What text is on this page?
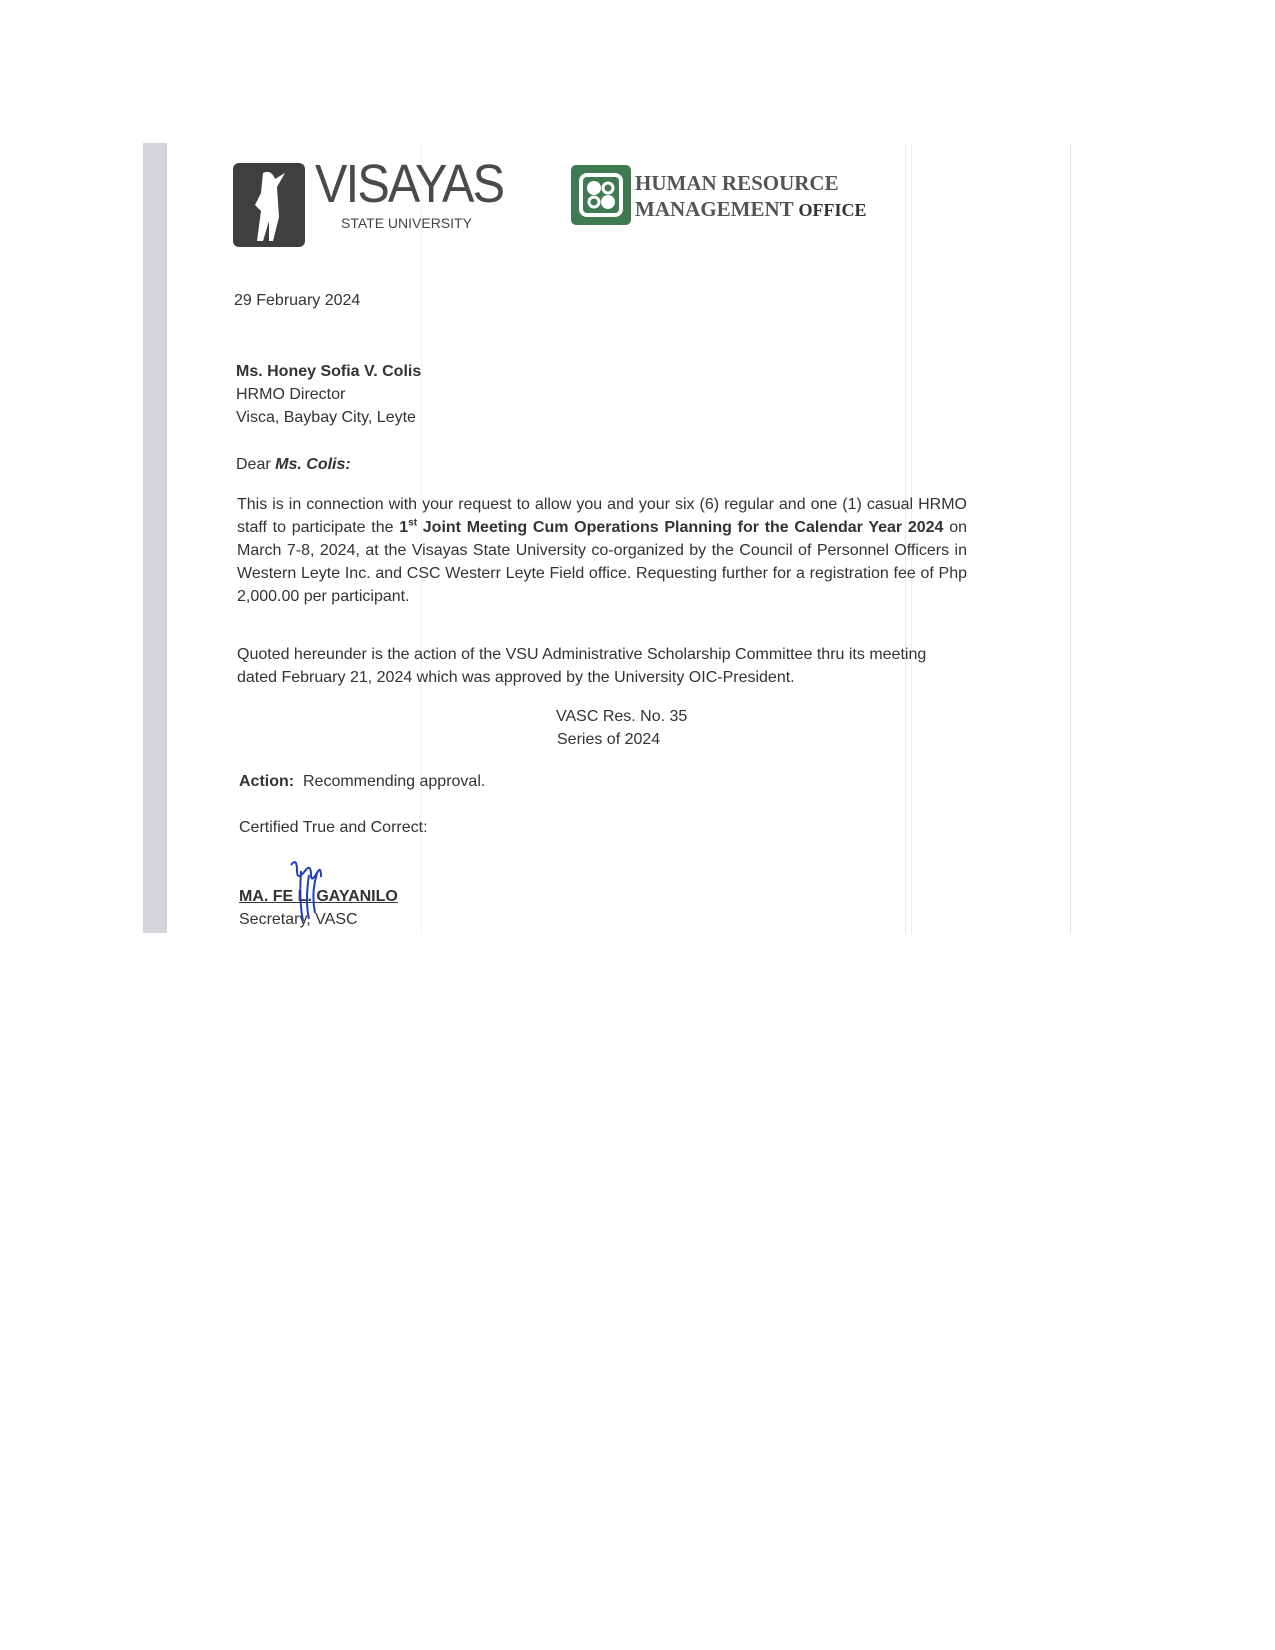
VISAYAS
STATE UNIVERSITY
HUMAN RESOURCE
MANAGEMENT OFFICE
29 February 2024
Ms. Honey Sofia V. Colis
HRMO Director
Visca, Baybay City, Leyte
Dear Ms. Colis:
This is in connection with your request to allow you and your six (6) regular and one (1) casual HRMO staff to participate the 1st Joint Meeting Cum Operations Planning for the Calendar Year 2024 on March 7-8, 2024, at the Visayas State University co-organized by the Council of Personnel Officers in Western Leyte Inc. and CSC Westerr Leyte Field office. Requesting further for a registration fee of Php 2,000.00 per participant.
Quoted hereunder is the action of the VSU Administrative Scholarship Committee thru its meeting dated February 21, 2024 which was approved by the University OIC-President.
VASC Res. No. 35
Series of 2024
Action: Recommending approval.
Certified True and Correct:
MA. FE L. GAYANILO
Secretary, VASC
